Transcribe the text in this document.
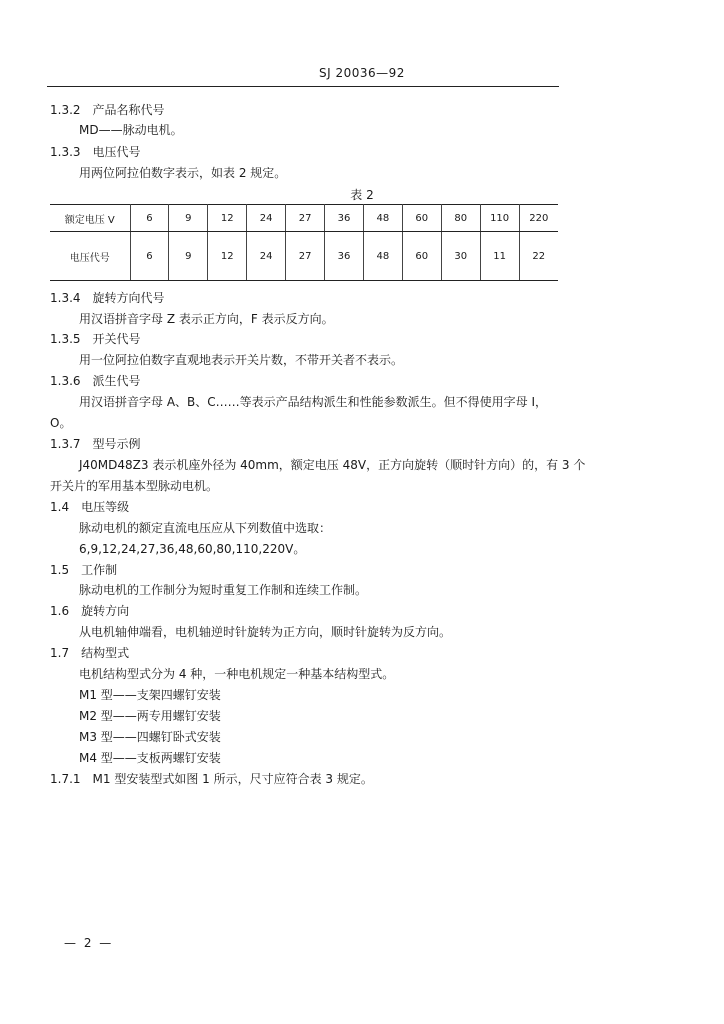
SJ 20036—92
1.3.2 产品名称代号
MD——脉动电机。
1.3.3 电压代号
用两位阿拉伯数字表示，如表 2 规定。
表 2
额定电压 V	6	9	12	24	27	36	48	60	80	110	220
电压代号	6	9	12	24	27	36	48	60	30	11	22
1.3.4 旋转方向代号
用汉语拼音字母 Z 表示正方向，F 表示反方向。
1.3.5 开关代号
用一位阿拉伯数字直观地表示开关片数，不带开关者不表示。
1.3.6 派生代号
用汉语拼音字母 A、B、C……等表示产品结构派生和性能参数派生。但不得使用字母 I，
O。
1.3.7 型号示例
J40MD48Z3 表示机座外径为 40mm，额定电压 48V，正方向旋转（顺时针方向）的，有 3 个
开关片的军用基本型脉动电机。
1.4 电压等级
脉动电机的额定直流电压应从下列数值中选取：
6,9,12,24,27,36,48,60,80,110,220V。
1.5 工作制
脉动电机的工作制分为短时重复工作制和连续工作制。
1.6 旋转方向
从电机轴伸端看，电机轴逆时针旋转为正方向，顺时针旋转为反方向。
1.7 结构型式
电机结构型式分为 4 种，一种电机规定一种基本结构型式。
M1 型——支架四螺钉安装
M2 型——两专用螺钉安装
M3 型——四螺钉卧式安装
M4 型——支板两螺钉安装
1.7.1 M1 型安装型式如图 1 所示，尺寸应符合表 3 规定。
— 2 —
